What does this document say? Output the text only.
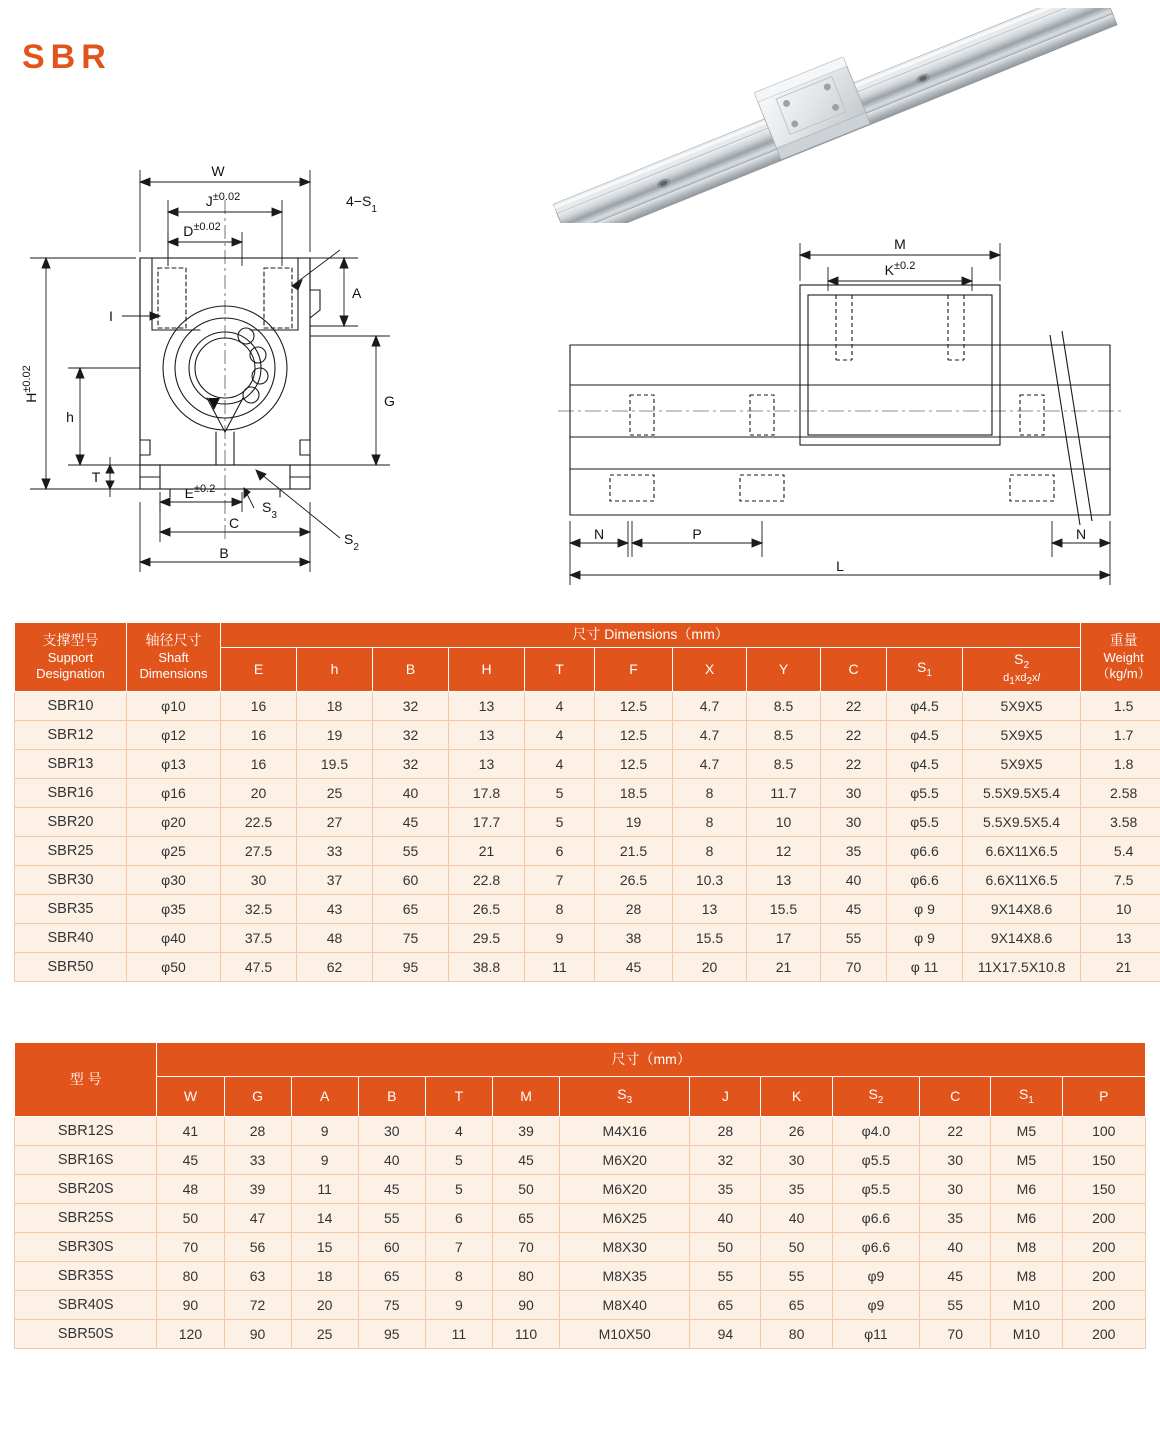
SBR
W
$J^{\pm 0.02}$
$D^{\pm 0.02}$
$4-S_1$
I
A
G
$H^{\pm 0.02}$
h
T
$E^{\pm 0.2}$
$S_3$
C
B
$S_2$
M
$K^{\pm 0.2}$
N	P	N
L
支撑型号
Support
Designation

轴径尺寸
Shaft
Dimensions
	尺寸 Dimensions（mm）	重量
Weight
（kg/m）

		E	h	B	H	T	F	X	Y	C	$S_1$	$S_2$
d1xd2xl	

SBR10	φ10	16	18	32	13	4	12.5	4.7	8.5	22	φ4.5	5X9X5	1.5
SBR12	φ12	16	19	32	13	4	12.5	4.7	8.5	22	φ4.5	5X9X5	1.7
SBR13	φ13	16	19.5	32	13	4	12.5	4.7	8.5	22	φ4.5	5X9X5	1.8
SBR16	φ16	20	25	40	17.8	5	18.5	8	11.7	30	φ5.5	5.5X9.5X5.4	2.58
SBR20	φ20	22.5	27	45	17.7	5	19	8	10	30	φ5.5	5.5X9.5X5.4	3.58
SBR25	φ25	27.5	33	55	21	6	21.5	8	12	35	φ6.6	6.6X11X6.5	5.4
SBR30	φ30	30	37	60	22.8	7	26.5	10.3	13	40	φ6.6	6.6X11X6.5	7.5
SBR35	φ35	32.5	43	65	26.5	8	28	13	15.5	45	φ 9	9X14X8.6	10
SBR40	φ40	37.5	48	75	29.5	9	38	15.5	17	55	φ 9	9X14X8.6	13
SBR50	φ50	47.5	62	95	38.8	11	45	20	21	70	φ 11	11X17.5X10.8	21
型 号	尺寸（mm）												
	W	G	A	B	T	M	$S_3$	J	K	$S_2$	C	$S_1$	P
SBR12S	41	28	9	30	4	39	M4X16	28	26	φ4.0	22	M5	100
SBR16S	45	33	9	40	5	45	M6X20	32	30	φ5.5	30	M5	150
SBR20S	48	39	11	45	5	50	M6X20	35	35	φ5.5	30	M6	150
SBR25S	50	47	14	55	6	65	M6X25	40	40	φ6.6	35	M6	200
SBR30S	70	56	15	60	7	70	M8X30	50	50	φ6.6	40	M8	200
SBR35S	80	63	18	65	8	80	M8X35	55	55	φ9	45	M8	200
SBR40S	90	72	20	75	9	90	M8X40	65	65	φ9	55	M10	200
SBR50S	120	90	25	95	11	110	M10X50	94	80	φ11	70	M10	200
